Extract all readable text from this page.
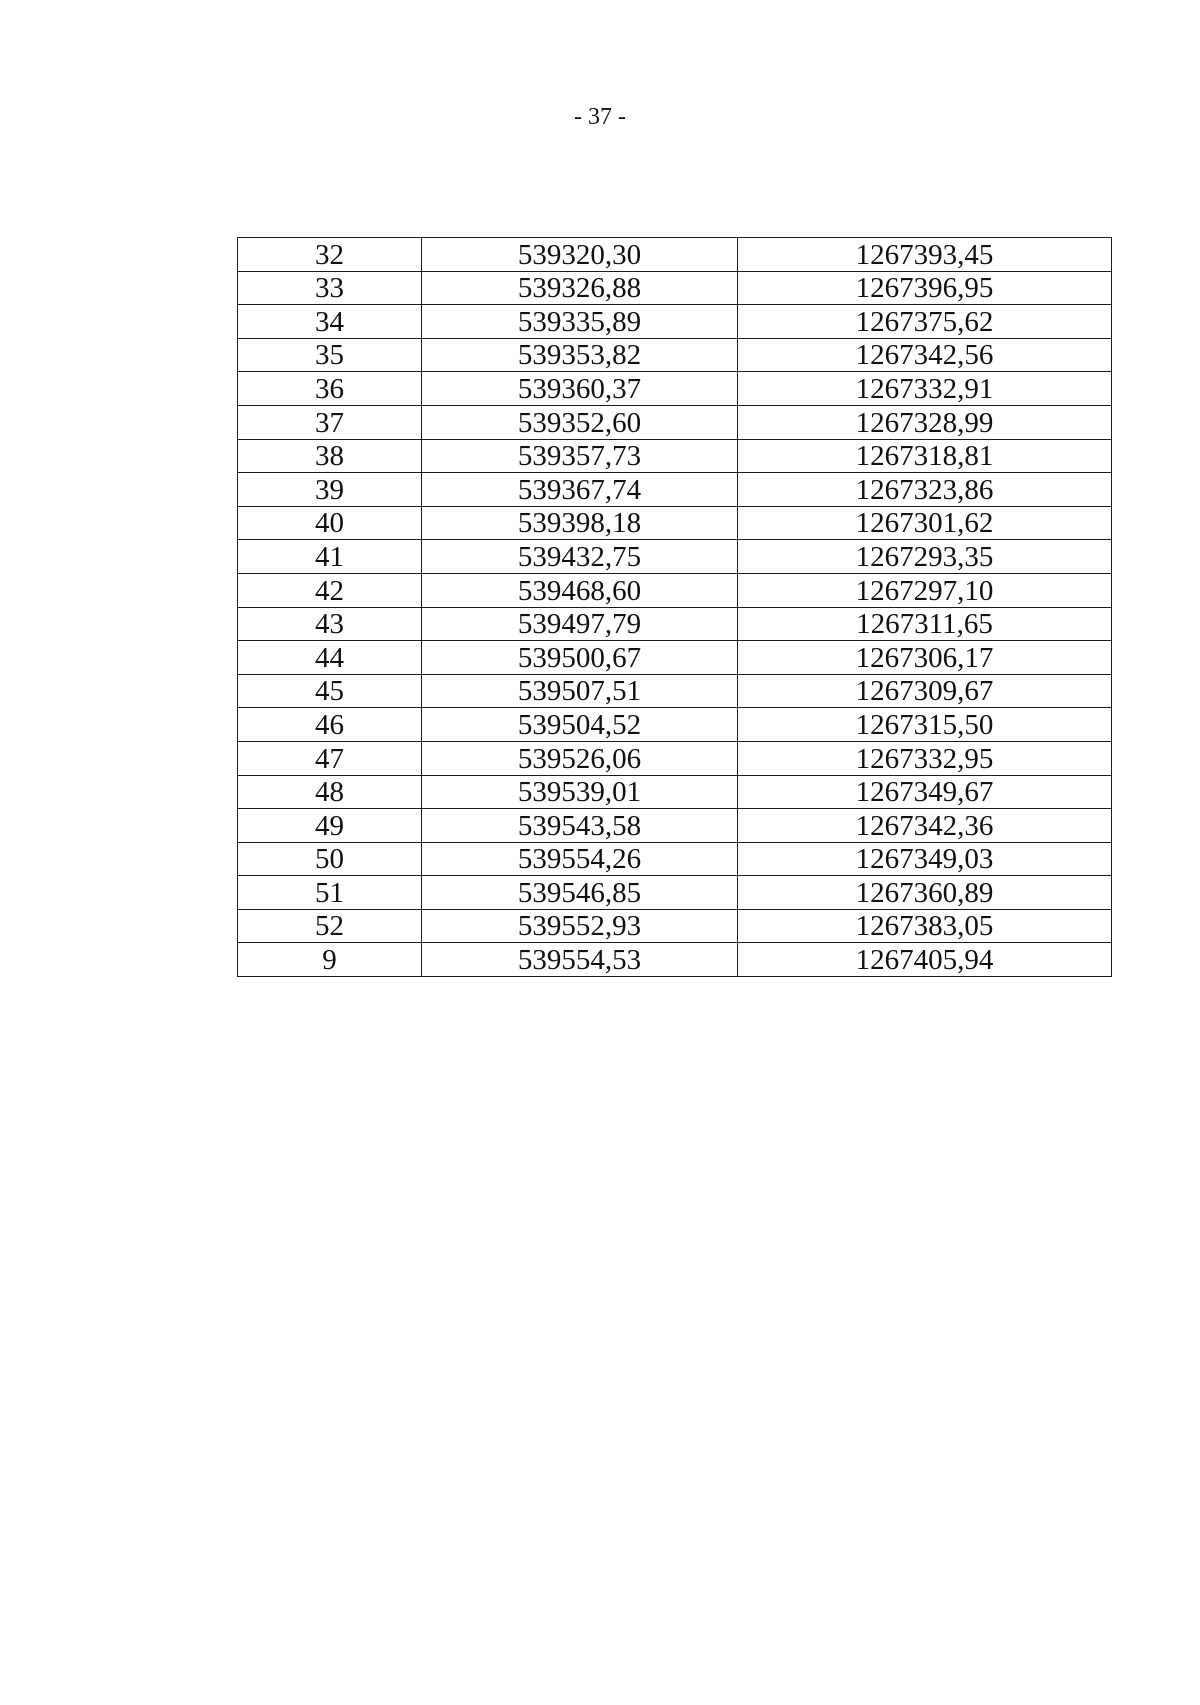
- 37 -
32	539320,30	1267393,45
33	539326,88	1267396,95
34	539335,89	1267375,62
35	539353,82	1267342,56
36	539360,37	1267332,91
37	539352,60	1267328,99
38	539357,73	1267318,81
39	539367,74	1267323,86
40	539398,18	1267301,62
41	539432,75	1267293,35
42	539468,60	1267297,10
43	539497,79	1267311,65
44	539500,67	1267306,17
45	539507,51	1267309,67
46	539504,52	1267315,50
47	539526,06	1267332,95
48	539539,01	1267349,67
49	539543,58	1267342,36
50	539554,26	1267349,03
51	539546,85	1267360,89
52	539552,93	1267383,05
9	539554,53	1267405,94
